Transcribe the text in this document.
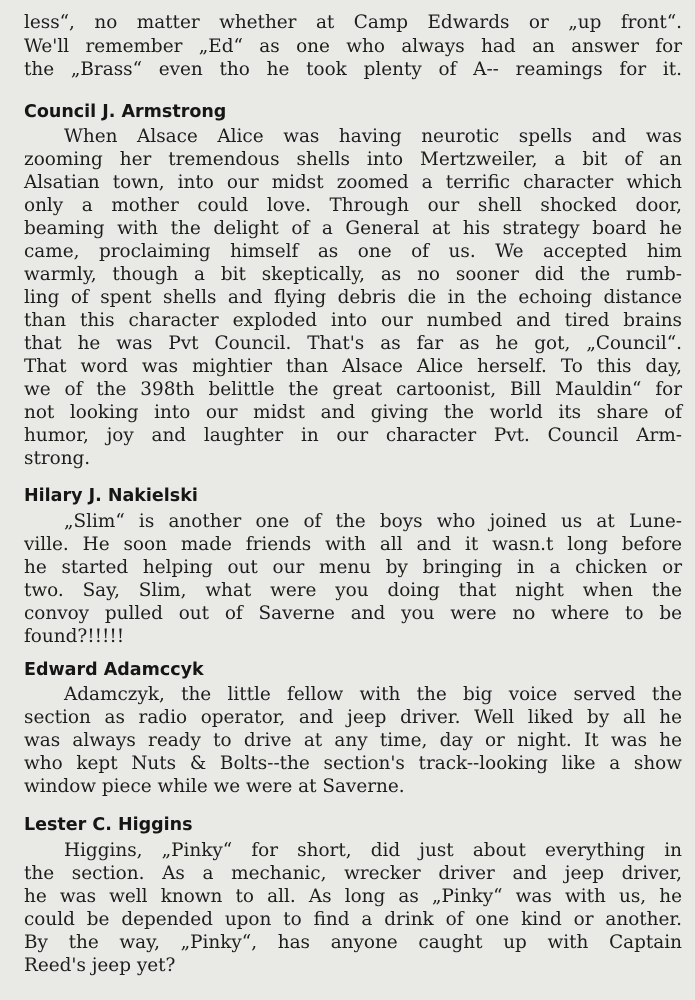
less“, no matter whether at Camp Edwards or „up front“.
We'll remember „Ed“ as one who always had an answer for
the „Brass“ even tho he took plenty of A-- reamings for it.
Council J. Armstrong
When Alsace Alice was having neurotic spells and was
zooming her tremendous shells into Mertzweiler, a bit of an
Alsatian town, into our midst zoomed a terrific character which
only a mother could love. Through our shell shocked door,
beaming with the delight of a General at his strategy board he
came, proclaiming himself as one of us. We accepted him
warmly, though a bit skeptically, as no sooner did the rumb-
ling of spent shells and flying debris die in the echoing distance
than this character exploded into our numbed and tired brains
that he was Pvt Council. That's as far as he got, „Council“.
That word was mightier than Alsace Alice herself. To this day,
we of the 398th belittle the great cartoonist, Bill Mauldin“ for
not looking into our midst and giving the world its share of
humor, joy and laughter in our character Pvt. Council Arm-
strong.
Hilary J. Nakielski
„Slim“ is another one of the boys who joined us at Lune-
ville. He soon made friends with all and it wasn.t long before
he started helping out our menu by bringing in a chicken or
two. Say, Slim, what were you doing that night when the
convoy pulled out of Saverne and you were no where to be
found?!!!!!
Edward Adamccyk
Adamczyk, the little fellow with the big voice served the
section as radio operator, and jeep driver. Well liked by all he
was always ready to drive at any time, day or night. It was he
who kept Nuts & Bolts--the section's track--looking like a show
window piece while we were at Saverne.
Lester C. Higgins
Higgins, „Pinky“ for short, did just about everything in
the section. As a mechanic, wrecker driver and jeep driver,
he was well known to all. As long as „Pinky“ was with us, he
could be depended upon to find a drink of one kind or another.
By the way, „Pinky“, has anyone caught up with Captain
Reed's jeep yet?
